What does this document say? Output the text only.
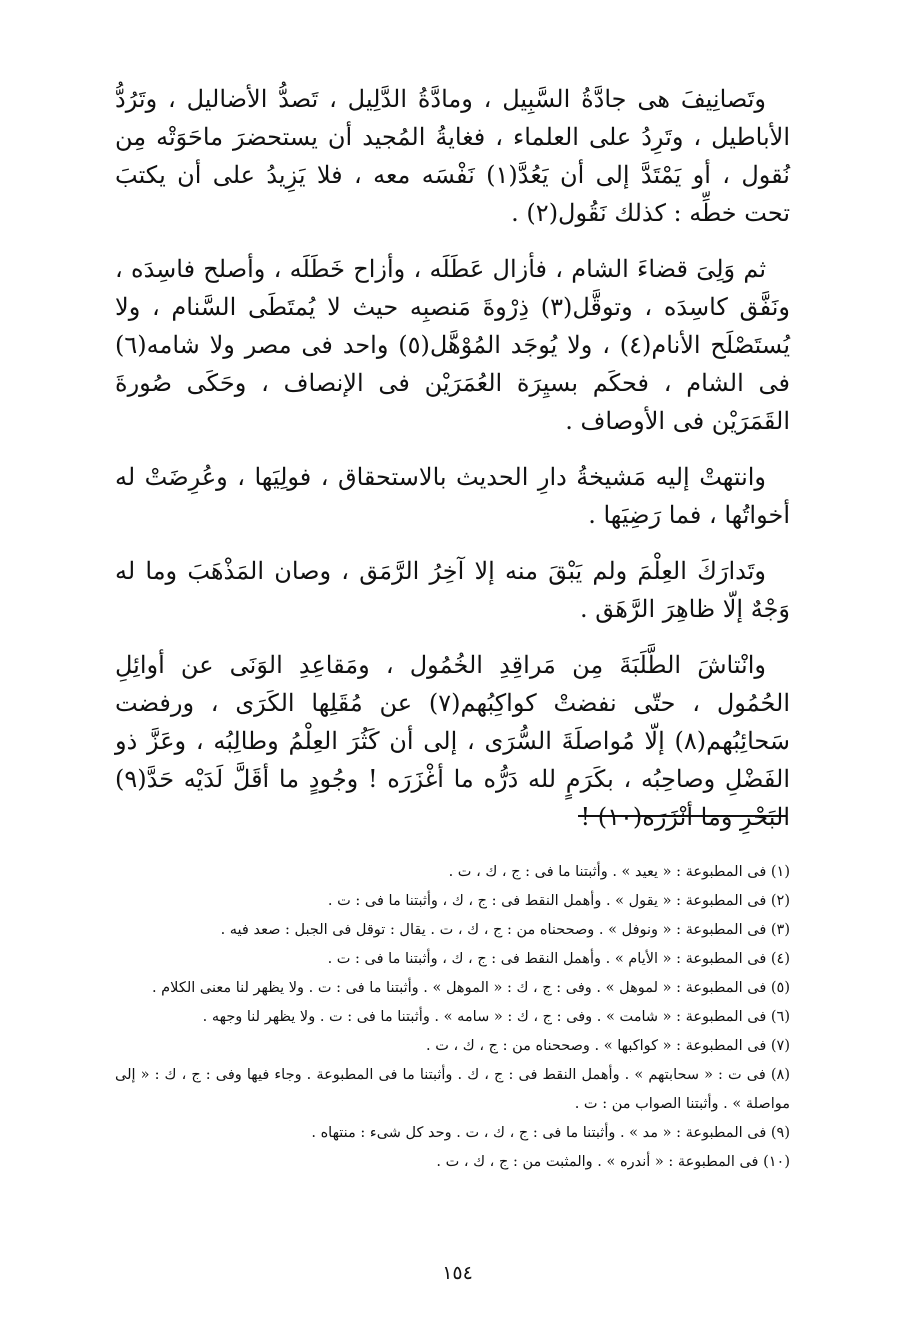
وتَصانِيفَ هى جادَّةُ السَّبِيل ، ومادَّةُ الدَّلِيل ، تَصدُّ الأضاليل ، وتَرُدُّ الأباطيل ، وتَرِدُ على العلماء ، فغايةُ المُجيد أن يستحضرَ ماحَوَتْه مِن نُقول ، أو يَمْتَدَّ إلى أن يَعُدَّ(١) نَفْسَه معه ، فلا يَزِيدُ على أن يكتبَ تحت خطِّه : كذلك نَقُول(٢) .

ثم وَلِىَ قضاءَ الشام ، فأزال عَطَلَه ، وأزاح خَطَلَه ، وأصلح فاسِدَه ، ونَفَّق كاسِدَه ، وتوقَّل(٣) ذِرْوةَ مَنصبِه حيث لا يُمتَطَى السَّنام ، ولا يُستَصْلَح الأنام(٤) ، ولا يُوجَد المُوْهَّل(٥) واحد فى مصر ولا شامه(٦) فى الشام ، فحكَم بسيِرَة العُمَرَيْن فى الإنصاف ، وحَكَى صُورةَ القَمَرَيْن فى الأوصاف .

وانتهتْ إليه مَشيخةُ دارِ الحديث بالاستحقاق ، فولِيَها ، وعُرِضَتْ له أخواتُها ، فما رَضِيَها .

وتَدارَكَ العِلْمَ ولم يَبْقَ منه إلا آخِرُ الرَّمَق ، وصان المَذْهَبَ وما له وَجْهٌ إلّا ظاهِرَ الرَّهَق .

وانْتاشَ الطَّلَبَةَ مِن مَراقِدِ الخُمُول ، ومَقاعِدِ الوَنَى عن أوائِلِ الحُمُول ، حتّى نفضتْ كواكِبُهم(٧) عن مُقَلِها الكَرَى ، ورفضت سَحائِبُهم(٨) إلّا مُواصلَةَ السُّرَى ، إلى أن كَثُرَ العِلْمُ وطالِبُه ، وعَزَّ ذو الفَضْلِ وصاحِبُه ، بكَرَمٍ لله دَرُّه ما أغْزَرَه ! وجُودٍ ما أقَلَّ لَدَيْه حَدَّ(٩) البَحْرِ وما أنْزَرَه(١٠) !

(١) فى المطبوعة : « يعيد » . وأثبتنا ما فى : ج ، ك ، ت .

(٢) فى المطبوعة : « يقول » . وأهمل النقط فى : ج ، ك ، وأثبتنا ما فى : ت .

(٣) فى المطبوعة : « ونوفل » . وصححناه من : ج ، ك ، ت . يقال : توقل فى الجبل : صعد فيه .

(٤) فى المطبوعة : « الأيام » . وأهمل النقط فى : ج ، ك ، وأثبتنا ما فى : ت .

(٥) فى المطبوعة : « لموهل » . وفى : ج ، ك : « الموهل » . وأثبتنا ما فى : ت . ولا يظهر لنا معنى الكلام .

(٦) فى المطبوعة : « شامت » . وفى : ج ، ك : « سامه » . وأثبتنا ما فى : ت . ولا يظهر لنا وجهه .

(٧) فى المطبوعة : « كواكبها » . وصححناه من : ج ، ك ، ت .

(٨) فى ت : « سحابتهم » . وأهمل النقط فى : ج ، ك . وأثبتنا ما فى المطبوعة . وجاء فيها وفى : ج ، ك : « إلى مواصلة » . وأثبتنا الصواب من : ت .

(٩) فى المطبوعة : « مد » . وأثبتنا ما فى : ج ، ك ، ت . وحد كل شىء : منتهاه .

(١٠) فى المطبوعة : « أندره » . والمثبت من : ج ، ك ، ت .

١٥٤
